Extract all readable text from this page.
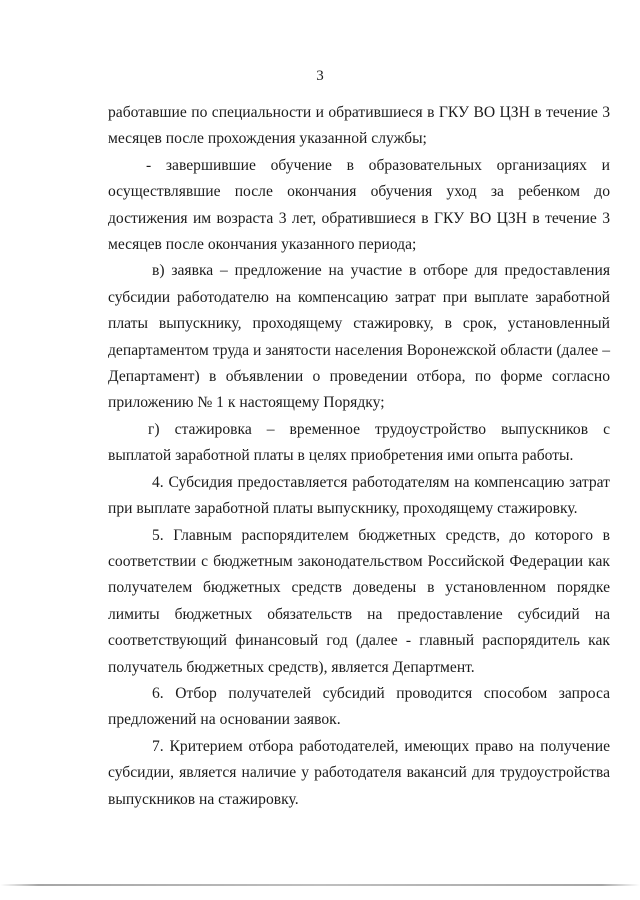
3

работавшие по специальности и обратившиеся в ГКУ ВО ЦЗН в течение 3 месяцев после прохождения указанной службы;

- завершившие обучение в образовательных организациях и осуществлявшие после окончания обучения уход за ребенком до достижения им возраста 3 лет, обратившиеся в ГКУ ВО ЦЗН в течение 3 месяцев после окончания указанного периода;

в) заявка – предложение на участие в отборе для предоставления субсидии работодателю на компенсацию затрат при выплате заработной платы выпускнику, проходящему стажировку, в срок, установленный департаментом труда и занятости населения Воронежской области (далее – Департамент) в объявлении о проведении отбора, по форме согласно приложению № 1 к настоящему Порядку;

г) стажировка – временное трудоустройство выпускников с выплатой заработной платы в целях приобретения ими опыта работы.

4. Субсидия предоставляется работодателям на компенсацию затрат при выплате заработной платы выпускнику, проходящему стажировку.

5. Главным распорядителем бюджетных средств, до которого в соответствии с бюджетным законодательством Российской Федерации как получателем бюджетных средств доведены в установленном порядке лимиты бюджетных обязательств на предоставление субсидий на соответствующий финансовый год (далее - главный распорядитель как получатель бюджетных средств), является Департмент.

6. Отбор получателей субсидий проводится способом запроса предложений на основании заявок.

7. Критерием отбора работодателей, имеющих право на получение субсидии, является наличие у работодателя вакансий для трудоустройства выпускников на стажировку.
